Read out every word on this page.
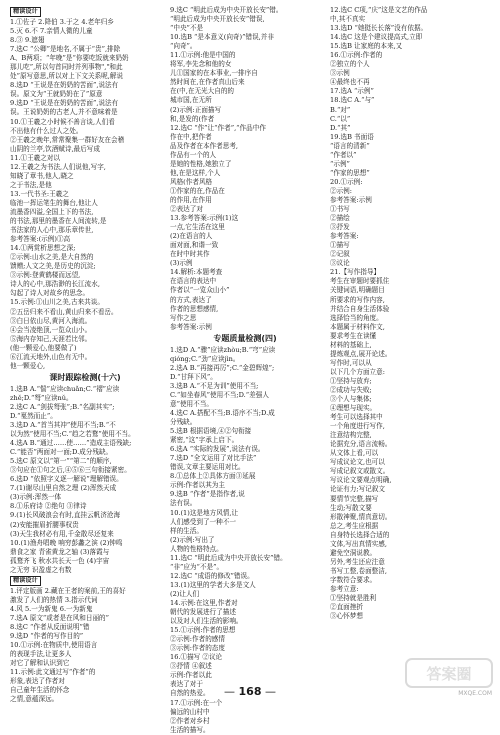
精读设计
1.①佐子 2.降伯 3.于之 4.老年归乡
5.灭 6.不 7.亲情人微的儿童
8.③ 9.遮翅
7.选C “公卿”是地名,不属于“贵”,排除
A、B两项；“年晚”是“你要吃饭就来奶奶
那儿吃”,所以句首同时并列事物","和此
处”原写意思,所以对上下文关系呢,解说
8.选D “王说是在奶奶的苦面”,说法有
误。原文为“王就奶奶在了”原意
9.选D “王说是在奶奶的苦面”,说法有
误。王说奶奶的古老人,并不意味着是
10.①王羲之小时候不善言谈,人们看
不出他有什么过人之处。
②王羲之晚年,常常聚集一群好友在会稽
山阴的兰亭,饮酒赋诗,最后写成
11.①王羲之对以
12.王羲之为书法,人们说他,写字,
知晓了章书,他人,晓之
之于书法,是他
13.一代书圣:王羲之
临池一挥运笔生的舞台,他让人
流墨香四溢,全国上下的书法,
的书法,那里的墨香在人间流转,是
书法家的人心中,那乐章传世,
参考答案:(示例)①高
14.①两赏析思想之深;
②示例:山水之美,是大自然的
馈赠;人文之美,是历史的沉淀;
③示例:登黄鹤楼而远望,
诗人的心中,那浩渺的长江流水,
勾起了诗人对故乡的思念。
15.示例:①山川之美,古来共谈。
②五岳归来不看山,黄山归来不看岳。
③白日依山尽,黄河入海流。
④会当凌绝顶,一览众山小。
⑤海内存知己,天涯若比邻。
(他一颗爱心,他要做了)
⑥江流天地外,山色有无中。
他一颗爱心,
课时跟踪检测(十六)
1.选B A.“惴”应读chuǎn;C.“褶”应读
zhě;D.“弩”应读nǔ。
2.选C A.“剑拔弩张”;B.“名副其实”;
D.“戛然而止”。
3.选D A.“首当其冲”使用不当;B.“不
以为然”使用不当;C.“趋之若鹜”使用不当。
4.选A B.“通过……使……”造成主语残缺;
C.“能否”两面对一面;D.成分残缺。
5.选C 原文以“第一”“第二”的顺序,
③句应在①句之后,④⑤⑥三句衔接紧密。
6.选D “依照字义逐一解说”理解错误。
7.(1)谢尽山里自然之理 (2)浑然天成
(3)示例:浑然一体
8.①乐府诗 ②绝句 ③律诗
9.(1)长风破浪会有时,直挂云帆济沧海
(2)安能摧眉折腰事权贵
(3)天生我材必有用,千金散尽还复来
10.(1)渔舟唱晚 响穷彭蠡之滨 (2)钟鸣
鼎食之家 青雀黄龙之轴 (3)落霞与
孤鹜齐飞 秋水共长天一色 (4)宇宙
之无穷 识盈虚之有数
精读设计
1.评定版画 2.藏在王者的案前,王的喜好
激发了人们的热情 3.指示代词
4.风 5.一为新鬼 6.一为新鬼
7.选A 原文“或者是在风和日丽的”
8.选C “作者从反面说明”错
9.选D “作者的写作目的”
10.①示例:在物质中,使用语言
的表现手法,让更多人
对它了解和认识到它
11.示例:此文通过写“作者”的
形象,表达了作者对
自己童年生活的怀念
之情,意蕴深远。
9.选C “明此后成为中央开放长安”错。
“明此后成为中央开放长安”错误,
“中央”不是
10.选B “是本意义(向奇)”错误,并非
“向奇”。
11.①示例:他是中国的
将军,李先念和他的女
儿①国家的在本事业,一排序自
然时间在,在作者真山后来
在(中,在无光大自的的
城市国,在无所
(2)示例:正面描写
和,是发的(作者
12.选C “作”让“作者”,“作品中作
作在中,把作者
品及作者在本作者思考,
作品有一个的人
是她的性格,她独立了
他,在是这样,个人
风格(作者风格
①作家的在,作品在
的作用,在作用
②表达了对
13.参考答案:示例(1)这
一点,它生活在这里
(2)在语言的人
面对面,和谐一致
在时中时其作
(3)示例
14.解析:本题考查
在语言的表达中
作者以“一览众山小”
的方式,表达了
作者的思想感情,
写作之思
参考答案:示例
专题质量检测(四)
1.选D A.“骤”应读zhòu;B.“穹”应读
qióng;C.“劲”应读jìn。
2.选A B.“再接再厉”;C.“金碧辉煌”;
D.“甘拜下风”。
3.选B A.“不足为训”使用不当;
C.“如坐春风”使用不当;D.“差强人
意”使用不当。
4.选C A.搭配不当;B.语序不当;D.成
分残缺。
5.选B 根据语境,④②句衔接
紧密,“这”字承上启下。
6.选A “实际的发展”,说法有误。
7.选D “全文运用了对比手法”
错误,文章主要运用对比。
8.①总体上②具体方面③延展
示例:作者以其为主
9.选B “作者”是指作者,说
法有误。
10.(1)这是地方风情,让
人们感受到了一种不一
样的生活。
(2)示例:写出了
人物的性格特点。
11.选C “明此后成为中央开放长安”错。
“非”应为“不是”。
12.选C “成语的修改”错误。
13.(1)这里的学者大多是文人
(2)让人们
14.示例:在这里,作者对
朝代的发展进行了描述
以及对人们生活的影响。
15.①示例:作者的思想
②示例:作者的感情
③示例:作者的态度
16.①描写 ②议论
③抒情 ④叙述
示例:作者以此
表达了对于
自然的热爱。
17.①示例:在一个
偏远的山村中
②作者对乡村
生活的描写。
12.选C C项,“庆”这是文艺的作品
中,其不真实
13.选D “她挺长长落”没有依据。
14.选C 这是个建议提高式,立即
15.选B 让家庭的本来,又
16.①示例:作者的
②独立的个人
③示例
④最终也不再
17.选A “示例”
18.选C A.“与”
B.“对”
C.“以”
D.“其”
19.选B 书面语
“语言的清新”
“作者以”
“示例”
“作家的思想”
20.①示例:
②示例:
参考答案:示例
①书写
②描绘
③抒发
参考答案:
①描写
②记叙
③议论
21.【写作指导】
考生在审题时要抓住
关键词语,明确题目
所要求的写作内容,
并结合自身生活体验
选择恰当的角度。
本题属于材料作文,
要求考生在读懂
材料的基础上,
提炼观点,展开论述。
写作时,可以从
以下几个方面立意:
①坚持与放弃;
②成功与失败;
③个人与集体;
④理想与现实。
考生可以选择其中
一个角度进行写作,
注意结构完整,
论据充分,语言流畅。
从文体上看,可以
写成议论文,也可以
写成记叙文或散文。
写议论文要观点明确,
论证有力;写记叙文
要情节完整,描写
生动;写散文要
形散神聚,情真意切。
总之,考生应根据
自身特长选择合适的
文体,写出真情实感,
避免空洞说教。
另外,考生还应注意
书写工整,卷面整洁,
字数符合要求。
参考立意:
①坚持就是胜利
②直面挫折
③心怀梦想
— 168 —
答案圈
MXQE.COM
